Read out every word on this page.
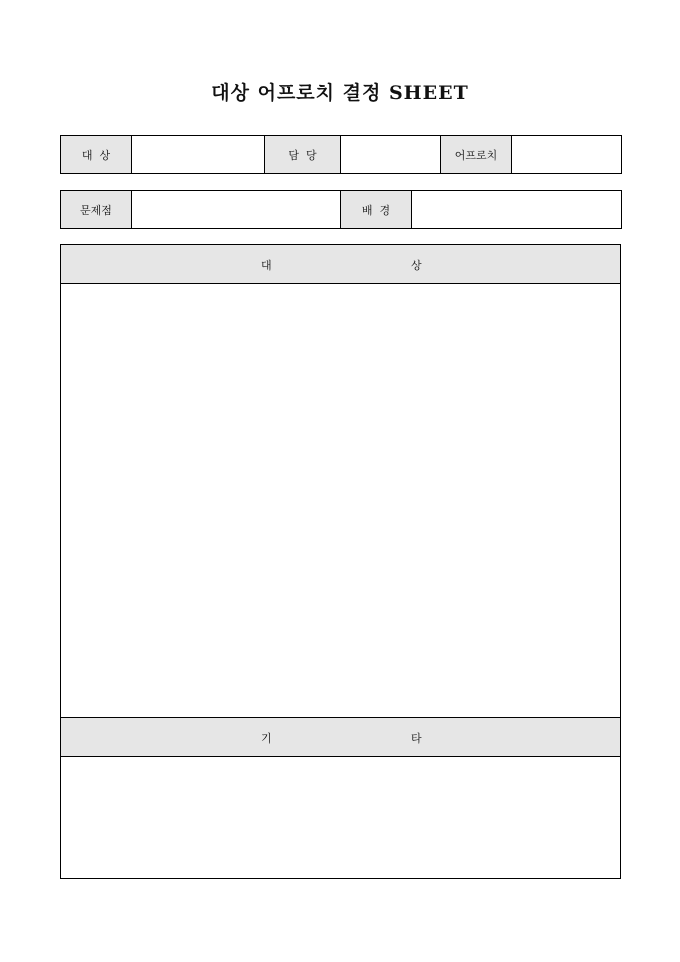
대상 어프로치 결정 SHEET
대  상		담  당		어프로치	
문제점		배  경	
대	상
기	타
